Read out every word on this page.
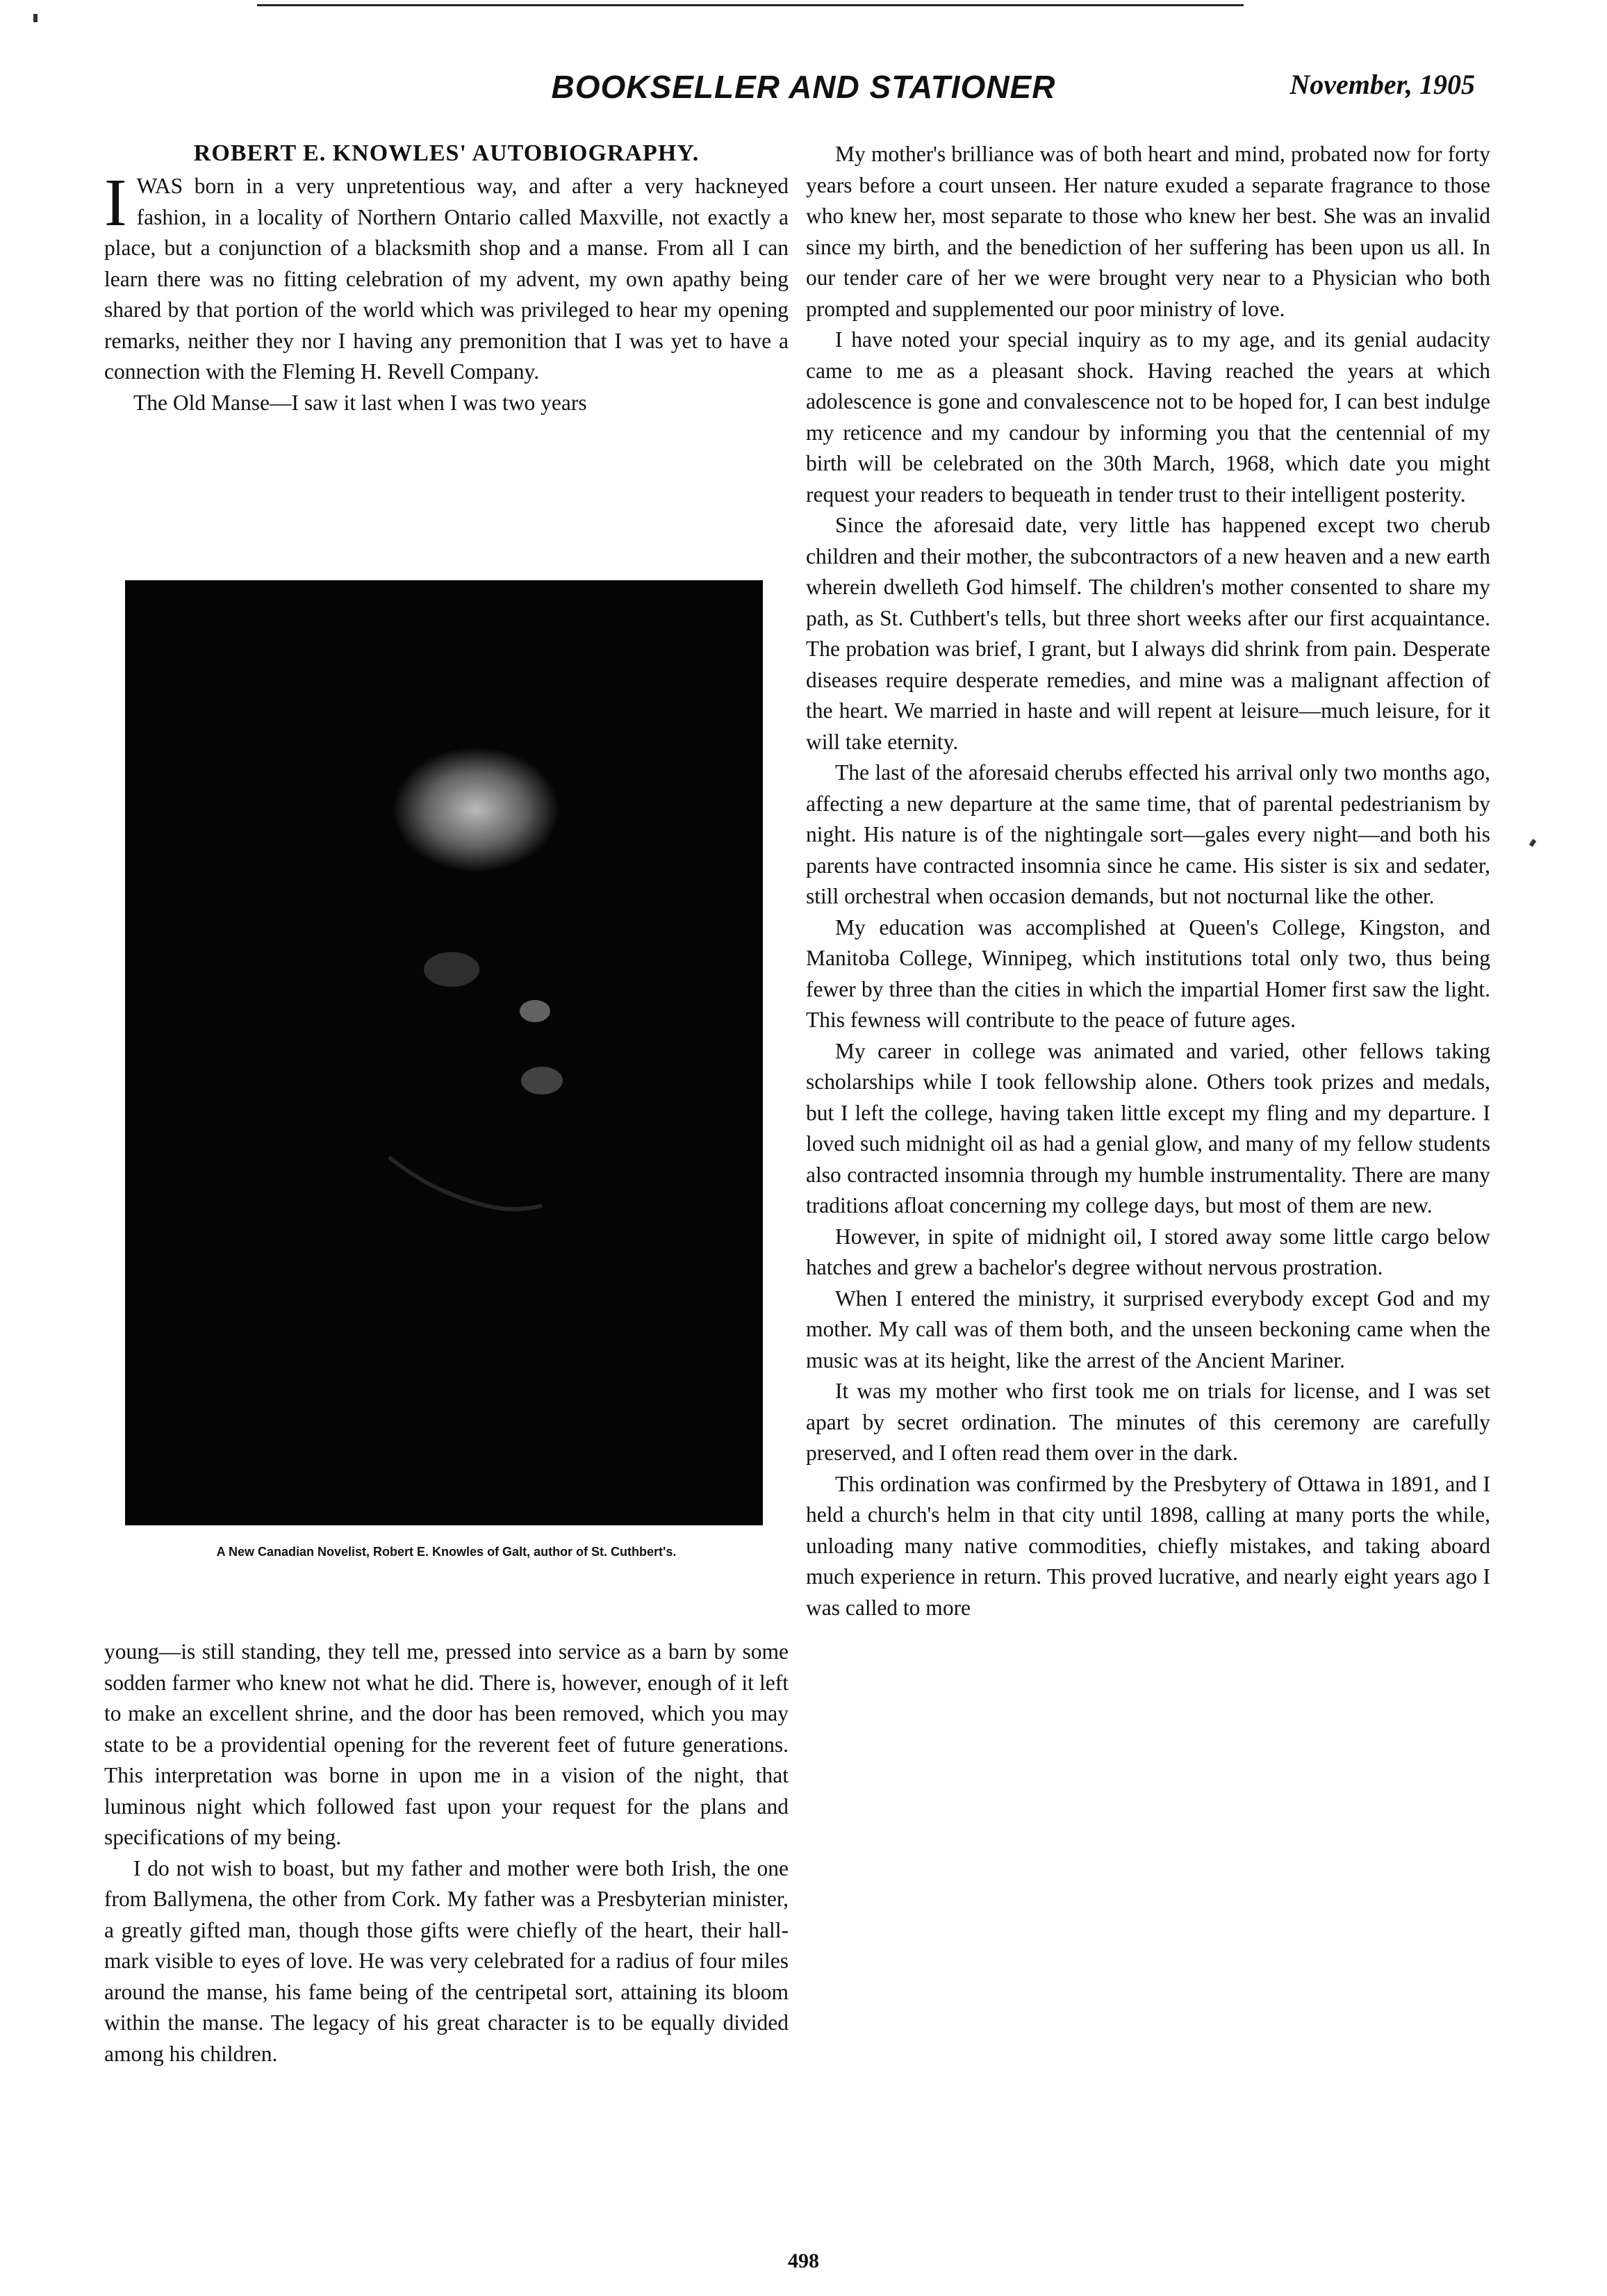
BOOKSELLER AND STATIONER	November, 1905
ROBERT E. KNOWLES' AUTOBIOGRAPHY.

IWAS born in a very unpretentious way, and after a very hackneyed fashion, in a locality of Northern Ontario called Maxville, not exactly a place, but a conjunction of a blacksmith shop and a manse. From all I can learn there was no fitting celebration of my advent, my own apathy being shared by that portion of the world which was privileged to hear my opening remarks, neither they nor I having any premonition that I was yet to have a connection with the Fleming H. Revell Company.

The Old Manse—I saw it last when I was two years

A New Canadian Novelist, Robert E. Knowles of Galt, author of St. Cuthbert's.

young—is still standing, they tell me, pressed into service as a barn by some sodden farmer who knew not what he did. There is, however, enough of it left to make an excellent shrine, and the door has been removed, which you may state to be a providential opening for the reverent feet of future generations. This interpretation was borne in upon me in a vision of the night, that luminous night which followed fast upon your request for the plans and specifications of my being.

I do not wish to boast, but my father and mother were both Irish, the one from Ballymena, the other from Cork. My father was a Presbyterian minister, a greatly gifted man, though those gifts were chiefly of the heart, their hall-mark visible to eyes of love. He was very celebrated for a radius of four miles around the manse, his fame being of the centripetal sort, attaining its bloom within the manse. The legacy of his great character is to be equally divided among his children.

My mother's brilliance was of both heart and mind, probated now for forty years before a court unseen. Her nature exuded a separate fragrance to those who knew her, most separate to those who knew her best. She was an invalid since my birth, and the benediction of her suffering has been upon us all. In our tender care of her we were brought very near to a Physician who both prompted and supplemented our poor ministry of love.

I have noted your special inquiry as to my age, and its genial audacity came to me as a pleasant shock. Having reached the years at which adolescence is gone and convalescence not to be hoped for, I can best indulge my reticence and my candour by informing you that the centennial of my birth will be celebrated on the 30th March, 1968, which date you might request your readers to bequeath in tender trust to their intelligent posterity.

Since the aforesaid date, very little has happened except two cherub children and their mother, the subcontractors of a new heaven and a new earth wherein dwelleth God himself. The children's mother consented to share my path, as St. Cuthbert's tells, but three short weeks after our first acquaintance. The probation was brief, I grant, but I always did shrink from pain. Desperate diseases require desperate remedies, and mine was a malignant affection of the heart. We married in haste and will repent at leisure—much leisure, for it will take eternity.

The last of the aforesaid cherubs effected his arrival only two months ago, affecting a new departure at the same time, that of parental pedestrianism by night. His nature is of the nightingale sort—gales every night—and both his parents have contracted insomnia since he came. His sister is six and sedater, still orchestral when occasion demands, but not nocturnal like the other.

My education was accomplished at Queen's College, Kingston, and Manitoba College, Winnipeg, which institutions total only two, thus being fewer by three than the cities in which the impartial Homer first saw the light. This fewness will contribute to the peace of future ages.

My career in college was animated and varied, other fellows taking scholarships while I took fellowship alone. Others took prizes and medals, but I left the college, having taken little except my fling and my departure. I loved such midnight oil as had a genial glow, and many of my fellow students also contracted insomnia through my humble instrumentality. There are many traditions afloat concerning my college days, but most of them are new.

However, in spite of midnight oil, I stored away some little cargo below hatches and grew a bachelor's degree without nervous prostration.

When I entered the ministry, it surprised everybody except God and my mother. My call was of them both, and the unseen beckoning came when the music was at its height, like the arrest of the Ancient Mariner.

It was my mother who first took me on trials for license, and I was set apart by secret ordination. The minutes of this ceremony are carefully preserved, and I often read them over in the dark.

This ordination was confirmed by the Presbytery of Ottawa in 1891, and I held a church's helm in that city until 1898, calling at many ports the while, unloading many native commodities, chiefly mistakes, and taking aboard much experience in return. This proved lucrative, and nearly eight years ago I was called to more

498
